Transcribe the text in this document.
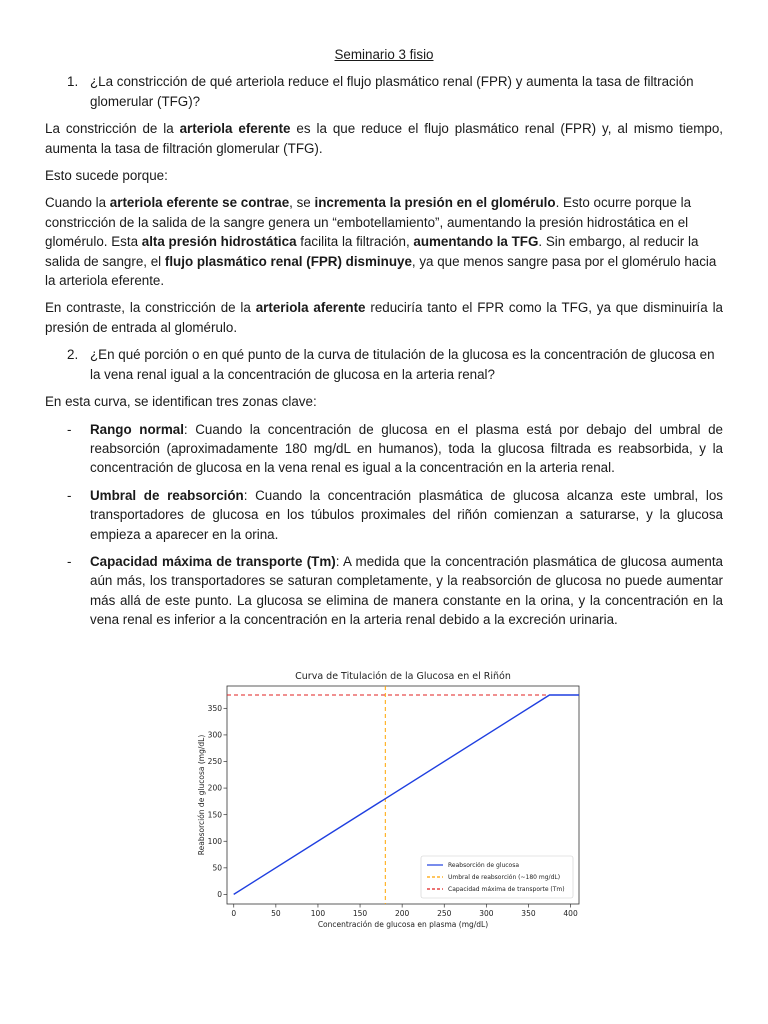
Seminario 3 fisio

1. ¿La constricción de qué arteriola reduce el flujo plasmático renal (FPR) y aumenta la tasa de filtración glomerular (TFG)?

La constricción de la arteriola eferente es la que reduce el flujo plasmático renal (FPR) y, al mismo tiempo, aumenta la tasa de filtración glomerular (TFG).

Esto sucede porque:

Cuando la arteriola eferente se contrae, se incrementa la presión en el glomérulo. Esto ocurre porque la constricción de la salida de la sangre genera un “embotellamiento”, aumentando la presión hidrostática en el glomérulo. Esta alta presión hidrostática facilita la filtración, aumentando la TFG. Sin embargo, al reducir la salida de sangre, el flujo plasmático renal (FPR) disminuye, ya que menos sangre pasa por el glomérulo hacia la arteriola eferente.

En contraste, la constricción de la arteriola aferente reduciría tanto el FPR como la TFG, ya que disminuiría la presión de entrada al glomérulo.

2. ¿En qué porción o en qué punto de la curva de titulación de la glucosa es la concentración de glucosa en la vena renal igual a la concentración de glucosa en la arteria renal?

En esta curva, se identifican tres zonas clave:

- Rango normal: Cuando la concentración de glucosa en el plasma está por debajo del umbral de reabsorción (aproximadamente 180 mg/dL en humanos), toda la glucosa filtrada es reabsorbida, y la concentración de glucosa en la vena renal es igual a la concentración en la arteria renal.
- Umbral de reabsorción: Cuando la concentración plasmática de glucosa alcanza este umbral, los transportadores de glucosa en los túbulos proximales del riñón comienzan a saturarse, y la glucosa empieza a aparecer en la orina.
- Capacidad máxima de transporte (Tm): A medida que la concentración plasmática de glucosa aumenta aún más, los transportadores se saturan completamente, y la reabsorción de glucosa no puede aumentar más allá de este punto. La glucosa se elimina de manera constante en la orina, y la concentración en la vena renal es inferior a la concentración en la arteria renal debido a la excreción urinaria.
Curva de Titulación de la Glucosa en el Riñón
0	50	100	150	200	250	300	350	400
0
50
100
150
200
250
300
350
Concentración de glucosa en plasma (mg/dL)
Reabsorción de glucosa (mg/dL)
Reabsorción de glucosa
Umbral de reabsorción (~180 mg/dL)
Capacidad máxima de transporte (Tm)
